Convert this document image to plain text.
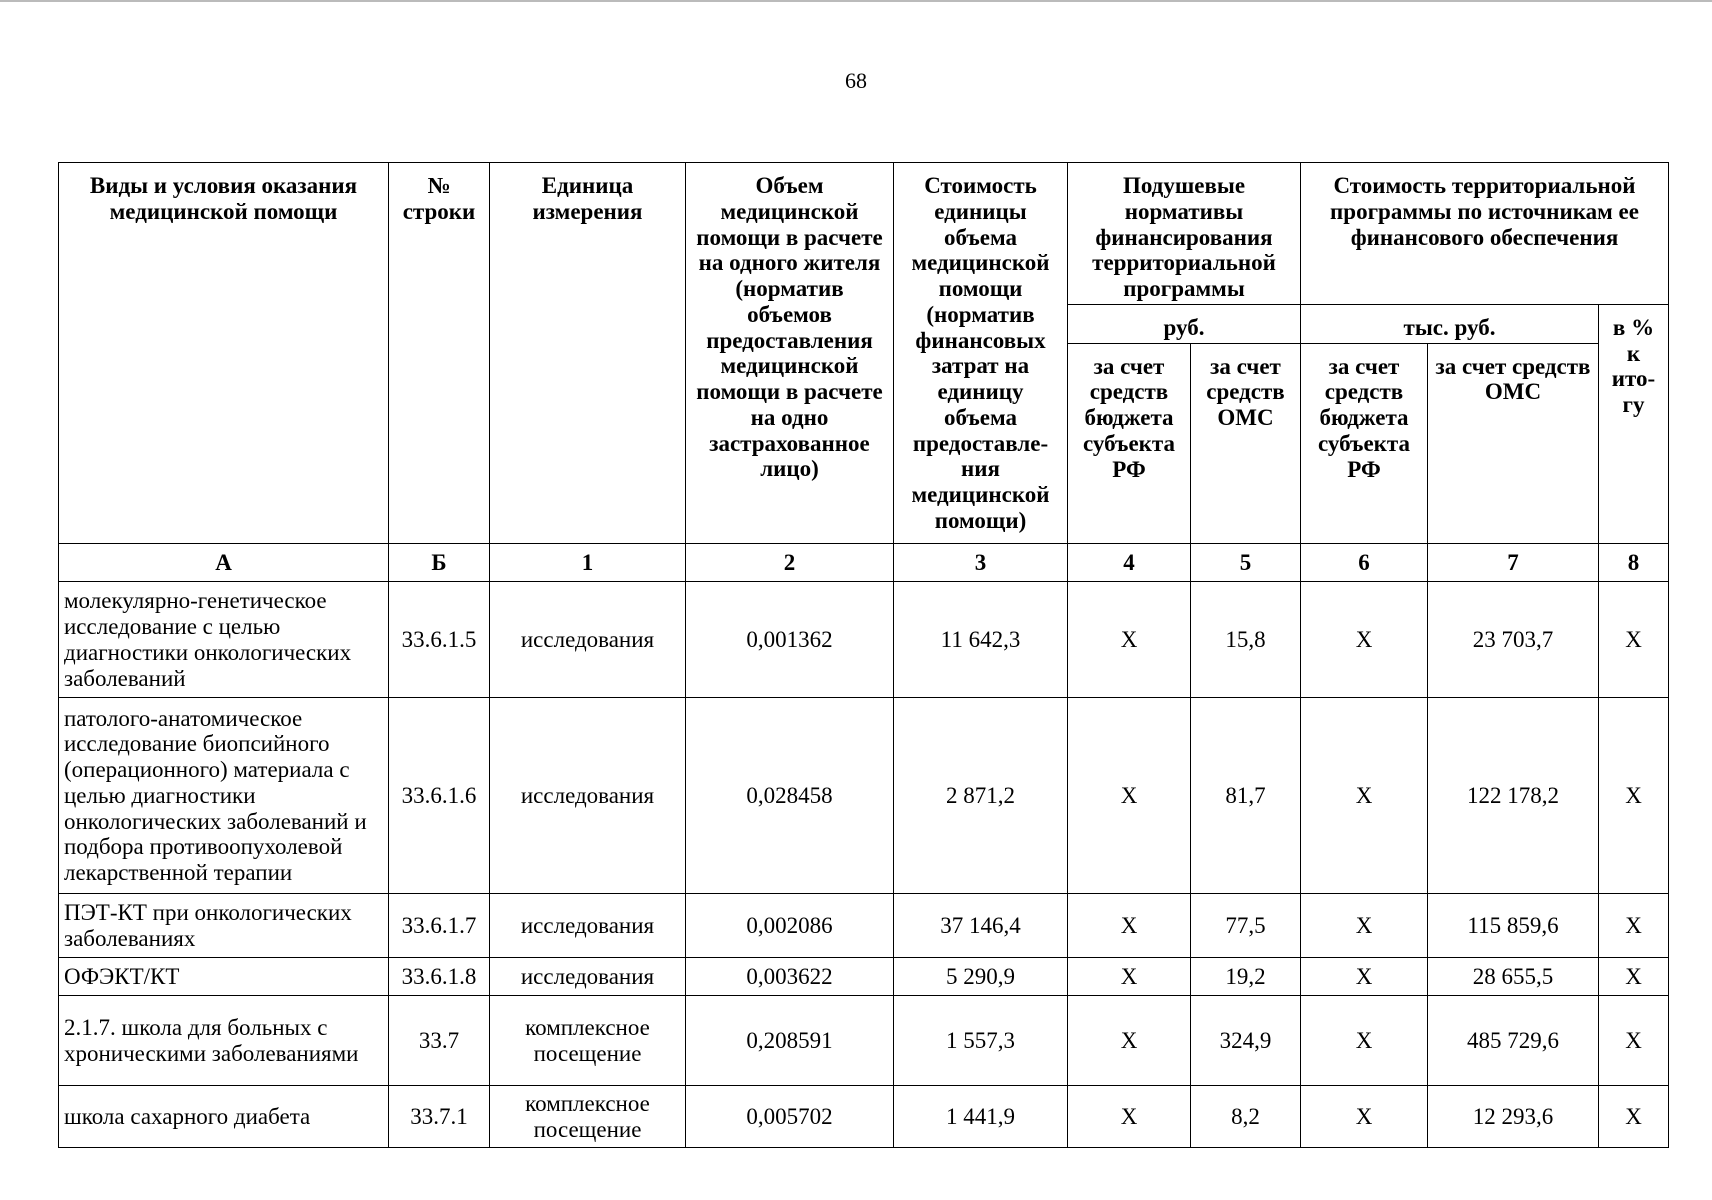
68
Виды и условия оказания медицинской помощи	№ строки	Единица измерения	Объем медицинской помощи в расчете на одного жителя (норматив объемов предоставления медицинской помощи в расчете на одно застрахованное лицо)	Стоимость единицы объема медицинской помощи (норматив финансовых затрат на единицу объема предоставле-ния медицинской помощи)	Подушевые нормативы финансирования территориальной программы		Стоимость территориальной программы по источникам ее финансового обеспечения		
					руб.		тыс. руб.		в % к ито-гу
					за счет средств бюджета субъекта РФ	за счет средств ОМС	за счет средств бюджета субъекта РФ	за счет средств ОМС	
А	Б	1	2	3	4	5	6	7	8
молекулярно-генетическое исследование с целью диагностики онкологических заболеваний	33.6.1.5	исследования	0,001362	11 642,3	X	15,8	X	23 703,7	X
патолого-анатомическое исследование биопсийного (операционного) материала с целью диагностики онкологических заболеваний и подбора противоопухолевой лекарственной терапии	33.6.1.6	исследования	0,028458	2 871,2	X	81,7	X	122 178,2	X
ПЭТ-КТ при онкологических заболеваниях	33.6.1.7	исследования	0,002086	37 146,4	X	77,5	X	115 859,6	X
ОФЭКТ/КТ	33.6.1.8	исследования	0,003622	5 290,9	X	19,2	X	28 655,5	X
2.1.7. школа для больных с хроническими заболеваниями	33.7	комплексное посещение	0,208591	1 557,3	X	324,9	X	485 729,6	X
школа сахарного диабета	33.7.1	комплексное посещение	0,005702	1 441,9	X	8,2	X	12 293,6	X
